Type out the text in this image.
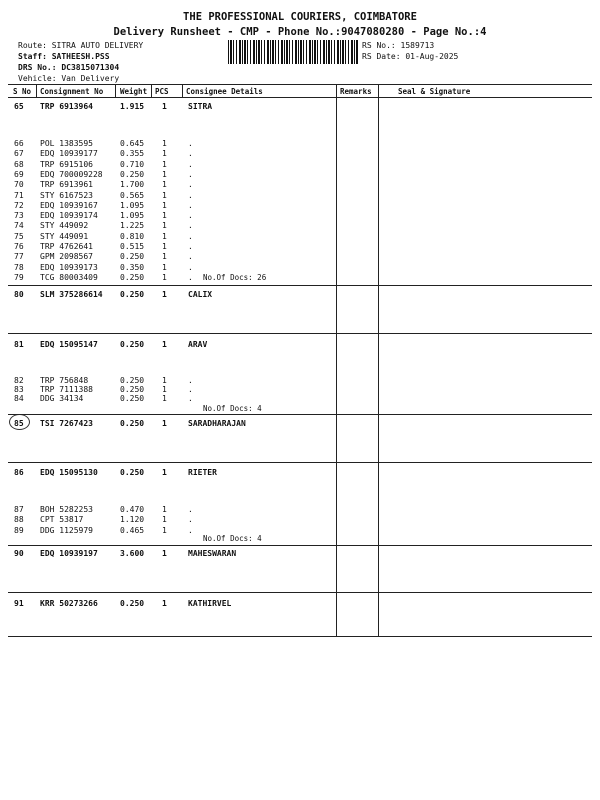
THE PROFESSIONAL COURIERS, COIMBATORE
Delivery Runsheet - CMP - Phone No.:9047080280 - Page No.:4
Route: SITRA AUTO DELIVERY
Staff: SATHEESH.PSS
DRS No.: DC3815071304
Vehicle: Van Delivery
RS No.: 1589713
RS Date: 01-Aug-2025
S No Consignment No Weight PCS Consignee Details	Remarks	Seal & Signature
65 TRP 6913964	1.915 1	SITRA
66 POL 1383595	0.645 1	.
67 EDQ 10939177	0.355 1	.
68 TRP 6915106	0.710 1	.
69 EDQ 700009228 0.250 1	.
70 TRP 6913961	1.700 1	.
71 STY 6167523	0.565 1	.
72 EDQ 10939167	1.095 1	.
73 EDQ 10939174	1.095 1	.
74 STY 449092	1.225 1	.
75 STY 449091	0.810 1	.
76 TRP 4762641	0.515 1	.
77 GPM 2098567	0.250 1	.
78 EDQ 10939173	0.350 1	.
79 TCG 80003409	0.250 1	. No.Of Docs: 26
80 SLM 375286614 0.250 1	CALIX
81 EDQ 15095147	0.250 1	ARAV
82 TRP 756848	0.250 1	.
83 TRP 7111388	0.250 1	.
84 DDG 34134	0.250 1	.
No.Of Docs: 4
85 TSI 7267423	0.250 1	SARADHARAJAN
86 EDQ 15095130	0.250 1	RIETER
87 BOH 5282253	0.470 1	.
88 CPT 53817	1.120 1	.
89 DDG 1125979	0.465 1	.
No.Of Docs: 4
90 EDQ 10939197	3.600 1	MAHESWARAN
91 KRR 50273266	0.250 1	KATHIRVEL
